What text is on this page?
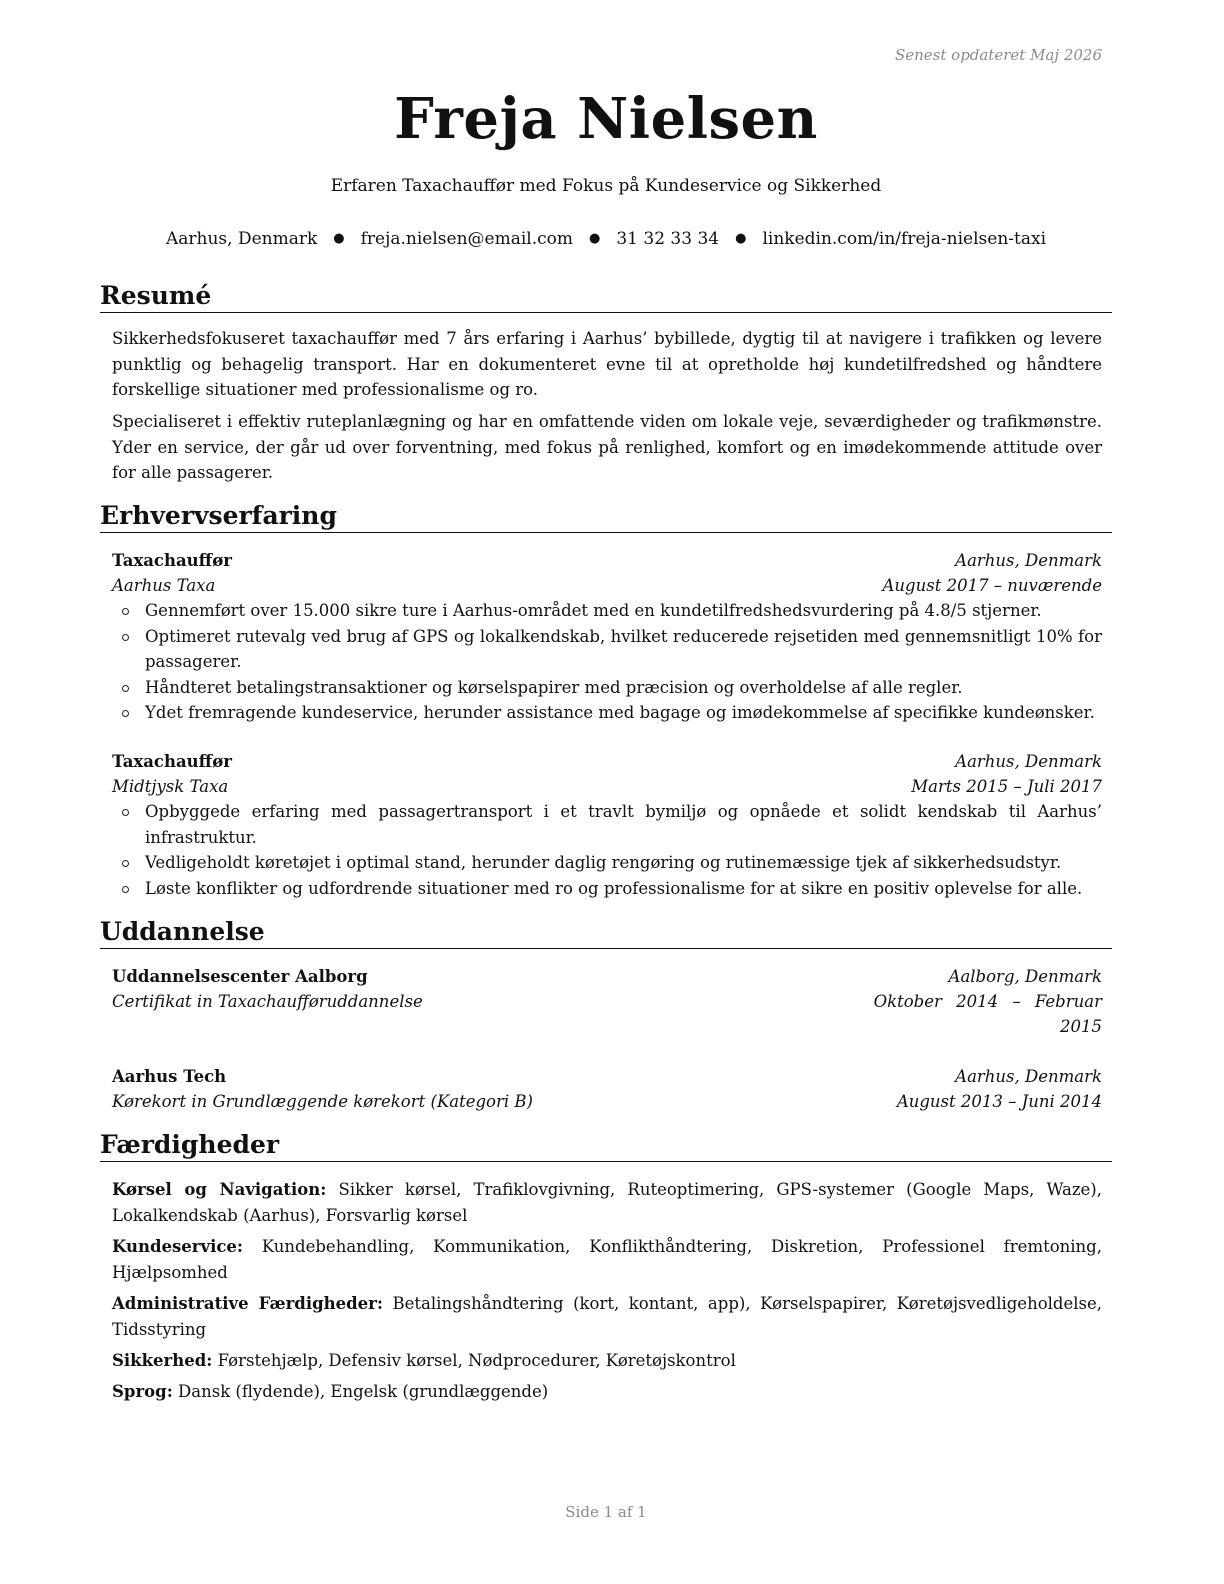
Senest opdateret Maj 2026
Freja Nielsen
Erfaren Taxachauffør med Fokus på Kundeservice og Sikkerhed
Aarhus, Denmark ● freja.nielsen@email.com ● 31 32 33 34 ● linkedin.com/in/freja-nielsen-taxi
Resumé
Sikkerhedsfokuseret taxachauffør med 7 års erfaring i Aarhus’ bybillede, dygtig til at navigere i trafikken og levere punktlig og behagelig transport. Har en dokumenteret evne til at opretholde høj kundetilfredshed og håndtere forskellige situationer med professionalisme og ro.
Specialiseret i effektiv ruteplanlægning og har en omfattende viden om lokale veje, seværdigheder og trafikmønstre. Yder en service, der går ud over forventning, med fokus på renlighed, komfort og en imødekommende attitude over for alle passagerer.
Erhvervserfaring
Taxachauffør	Aarhus, Denmark
Aarhus Taxa	August 2017 – nuværende
Gennemført over 15.000 sikre ture i Aarhus-området med en kundetilfredshedsvurdering på 4.8/5 stjerner.
Optimeret rutevalg ved brug af GPS og lokalkendskab, hvilket reducerede rejsetiden med gennemsnitligt 10% for passagerer.
Håndteret betalingstransaktioner og kørselspapirer med præcision og overholdelse af alle regler.
Ydet fremragende kundeservice, herunder assistance med bagage og imødekommelse af specifikke kundeønsker.
Taxachauffør	Aarhus, Denmark
Midtjysk Taxa	Marts 2015 – Juli 2017
Opbyggede erfaring med passagertransport i et travlt bymiljø og opnåede et solidt kendskab til Aarhus’ infrastruktur.
Vedligeholdt køretøjet i optimal stand, herunder daglig rengøring og rutinemæssige tjek af sikkerhedsudstyr.
Løste konflikter og udfordrende situationer med ro og professionalisme for at sikre en positiv oplevelse for alle.
Uddannelse
Uddannelsescenter Aalborg	Aalborg, Denmark
Certifikat in Taxachaufføruddannelse	Oktober 2014 – Februar
2015
Aarhus Tech	Aarhus, Denmark
Kørekort in Grundlæggende kørekort (Kategori B)	August 2013 – Juni 2014
Færdigheder
Kørsel og Navigation: Sikker kørsel, Trafiklovgivning, Ruteoptimering, GPS-systemer (Google Maps, Waze), Lokalkendskab (Aarhus), Forsvarlig kørsel
Kundeservice: Kundebehandling, Kommunikation, Konflikthåndtering, Diskretion, Professionel fremtoning, Hjælpsomhed
Administrative Færdigheder: Betalingshåndtering (kort, kontant, app), Kørselspapirer, Køretøjsvedligeholdelse, Tidsstyring
Sikkerhed: Førstehjælp, Defensiv kørsel, Nødprocedurer, Køretøjskontrol
Sprog: Dansk (flydende), Engelsk (grundlæggende)
Side 1 af 1
